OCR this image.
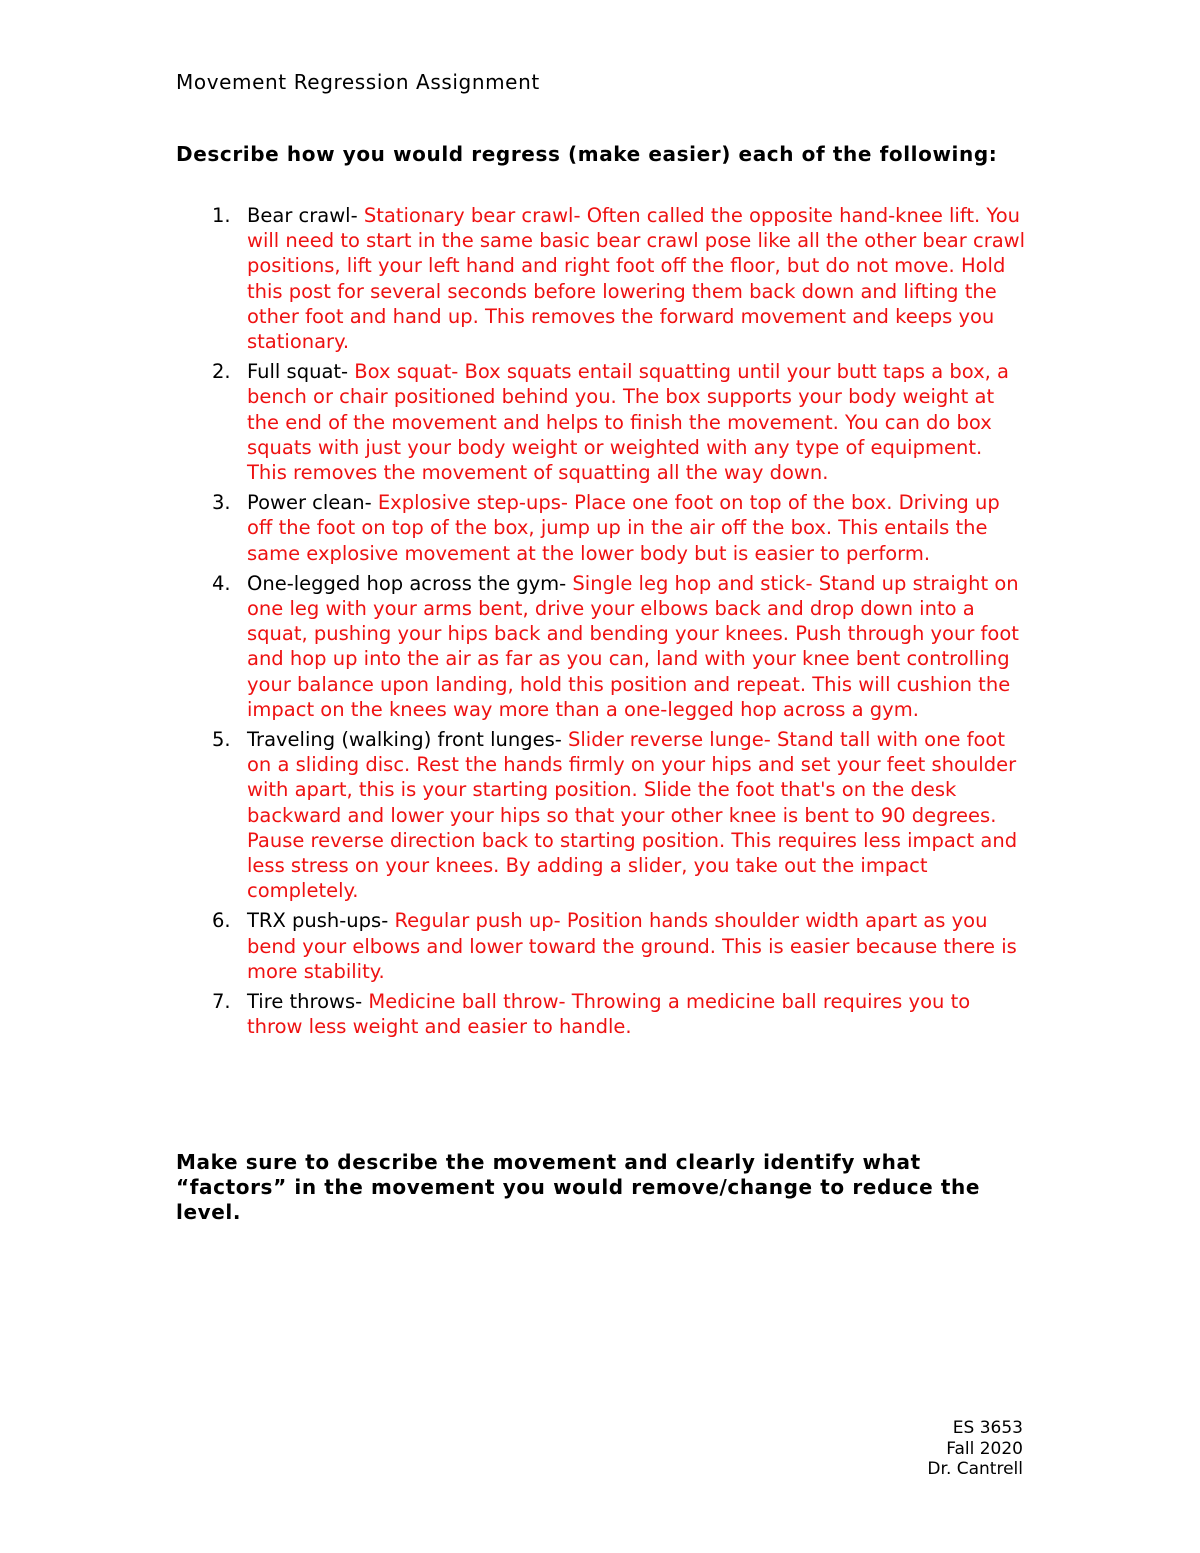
Movement Regression Assignment
Describe how you would regress (make easier) each of the following:
1. Bear crawl- Stationary bear crawl- Often called the opposite hand-knee lift. You will need to start in the same basic bear crawl pose like all the other bear crawl positions, lift your left hand and right foot off the floor, but do not move. Hold this post for several seconds before lowering them back down and lifting the other foot and hand up. This removes the forward movement and keeps you stationary.
2. Full squat- Box squat- Box squats entail squatting until your butt taps a box, a bench or chair positioned behind you. The box supports your body weight at the end of the movement and helps to finish the movement. You can do box squats with just your body weight or weighted with any type of equipment. This removes the movement of squatting all the way down.
3. Power clean- Explosive step-ups- Place one foot on top of the box. Driving up off the foot on top of the box, jump up in the air off the box. This entails the same explosive movement at the lower body but is easier to perform.
4. One-legged hop across the gym- Single leg hop and stick- Stand up straight on one leg with your arms bent, drive your elbows back and drop down into a squat, pushing your hips back and bending your knees. Push through your foot and hop up into the air as far as you can, land with your knee bent controlling your balance upon landing, hold this position and repeat. This will cushion the impact on the knees way more than a one-legged hop across a gym.
5. Traveling (walking) front lunges- Slider reverse lunge- Stand tall with one foot on a sliding disc. Rest the hands firmly on your hips and set your feet shoulder with apart, this is your starting position. Slide the foot that's on the desk backward and lower your hips so that your other knee is bent to 90 degrees. Pause reverse direction back to starting position. This requires less impact and less stress on your knees. By adding a slider, you take out the impact completely.
6. TRX push-ups- Regular push up- Position hands shoulder width apart as you bend your elbows and lower toward the ground. This is easier because there is more stability.
7. Tire throws- Medicine ball throw- Throwing a medicine ball requires you to throw less weight and easier to handle.
Make sure to describe the movement and clearly identify what “factors” in the movement you would remove/change to reduce the level.
ES 3653
Fall 2020
Dr. Cantrell
